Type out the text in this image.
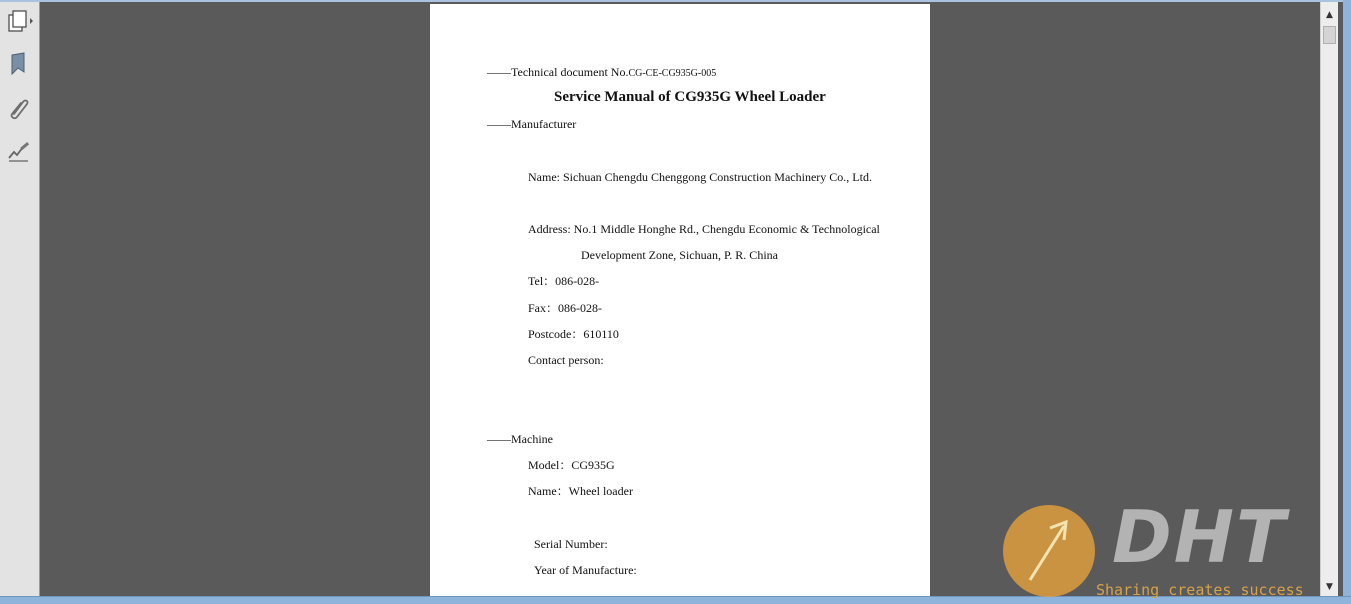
——Technical document No.CG-CE-CG935G-005
Service Manual of CG935G Wheel Loader
——Manufacturer
Name: Sichuan Chengdu Chenggong Construction Machinery Co., Ltd.
Address: No.1 Middle Honghe Rd., Chengdu Economic & Technological
Development Zone, Sichuan, P. R. China
Tel：086-028-
Fax：086-028-
Postcode：610110
Contact person:
——Machine
Model：CG935G
Name：Wheel loader
Serial Number:
Year of Manufacture:
▲
▼
DHT
Sharing creates success
